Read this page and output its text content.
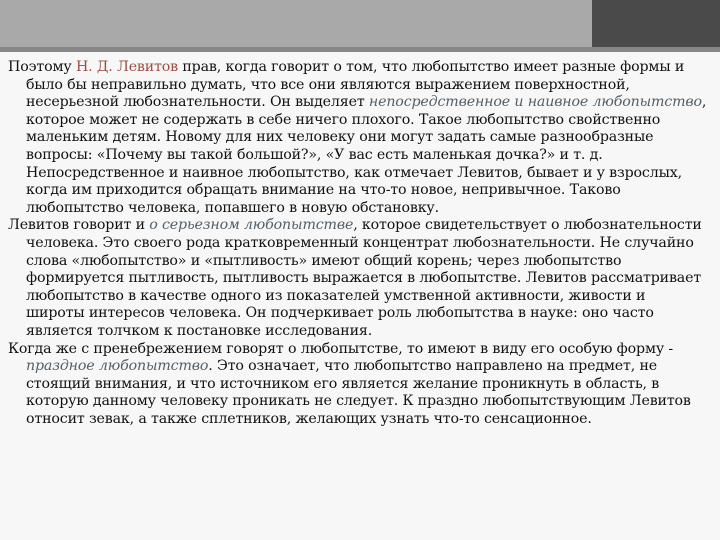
Поэтому Н. Д. Левитов прав, когда говорит о том, что любопытство имеет разные формы и было бы неправильно думать, что все они являются выражением поверхностной, несерьезной любознательности. Он выделяет непосредственное и наивное любопытство, которое может не содержать в себе ничего плохого. Такое любопытство свойственно маленьким детям. Новому для них человеку они могут задать самые разнообразные вопросы: «Почему вы такой большой?», «У вас есть маленькая дочка?» и т. д. Непосредственное и наивное любопытство, как отмечает Левитов, бывает и у взрослых, когда им приходится обращать внимание на что-то новое, непривычное. Таково любопытство человека, попавшего в новую обстановку.

Левитов говорит и о серьезном любопытстве, которое свидетельствует о любознательности человека. Это своего рода кратковременный концентрат любознательности. Не случайно слова «любопытство» и «пытливость» имеют общий корень; через любопытство формируется пытливость, пытливость выражается в любопытстве. Левитов рассматривает любопытство в качестве одного из показателей умственной активности, живости и широты интересов человека. Он подчеркивает роль любопытства в науке: оно часто является толчком к постановке исследования.

Когда же с пренебрежением говорят о любопытстве, то имеют в виду его особую форму - праздное любопытство. Это означает, что любопытство направлено на предмет, не стоящий внимания, и что источником его является желание проникнуть в область, в которую данному человеку проникать не следует. К праздно любопытствующим Левитов относит зевак, а также сплетников, желающих узнать что-то сенсационное.
